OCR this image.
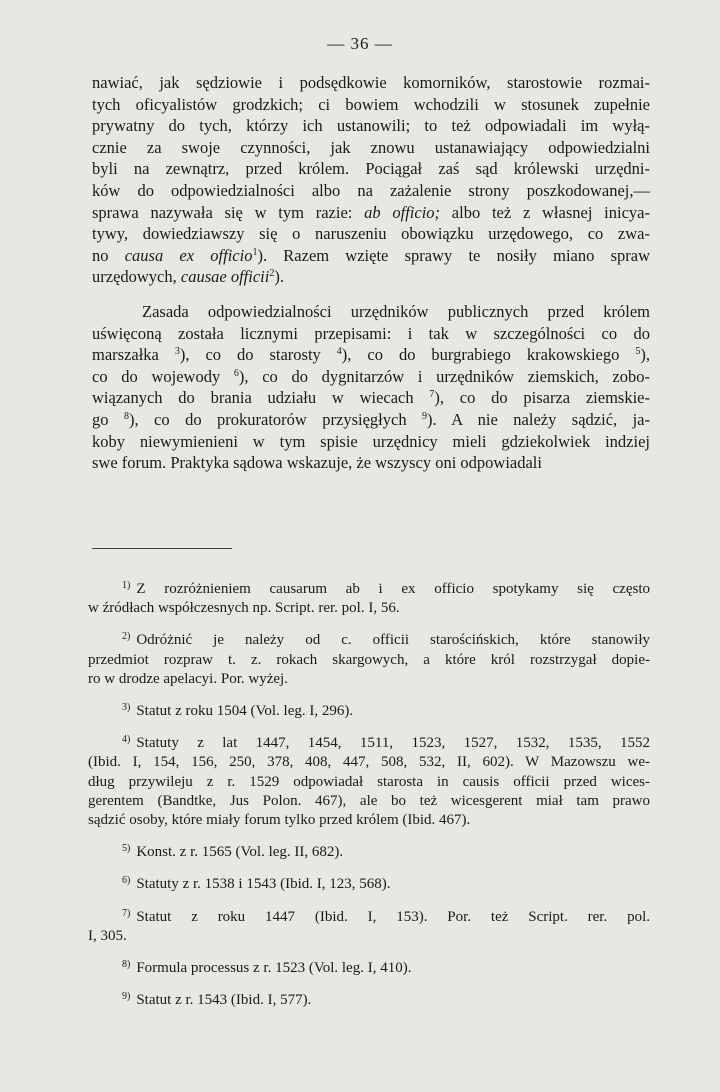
— 36 —
nawiać, jak sędziowie i podsędkowie komorników, starostowie rozmai-
tych oficyalistów grodzkich; ci bowiem wchodzili w stosunek zupełnie
prywatny do tych, którzy ich ustanowili; to też odpowiadali im wyłą-
cznie za swoje czynności, jak znowu ustanawiający odpowiedzialni
byli na zewnątrz, przed królem. Pociągał zaś sąd królewski urzędni-
ków do odpowiedzialności albo na zażalenie strony poszkodowanej,—
sprawa nazywała się w tym razie: ab officio; albo też z własnej inicya-
tywy, dowiedziawszy się o naruszeniu obowiązku urzędowego, co zwa-
no causa ex officio$^1$). Razem wzięte sprawy te nosiły miano spraw
urzędowych, causae officii$^2$).
Zasada odpowiedzialności urzędników publicznych przed królem
uświęconą została licznymi przepisami: i tak w szczególności co do
marszałka $^3$), co do starosty $^4$), co do burgrabiego krakowskiego $^5$),
co do wojewody $^6$), co do dygnitarzów i urzędników ziemskich, zobo-
wiązanych do brania udziału w wiecach $^7$), co do pisarza ziemskie-
go $^8$), co do prokuratorów przysięgłych $^9$). A nie należy sądzić, ja-
koby niewymienieni w tym spisie urzędnicy mieli gdziekolwiek indziej
swe forum. Praktyka sądowa wskazuje, że wszyscy oni odpowiadali
$^{1)}$ Z rozróżnieniem causarum ab i ex officio spotykamy się często
w źródłach współczesnych np. Script. rer. pol. I, 56.
$^{2)}$ Odróżnić je należy od c. officii starościńskich, które stanowiły
przedmiot rozpraw t. z. rokach skargowych, a które król rozstrzygał dopie-
ro w drodze apelacyi. Por. wyżej.
$^{3)}$ Statut z roku 1504 (Vol. leg. I, 296).
$^{4)}$ Statuty z lat 1447, 1454, 1511, 1523, 1527, 1532, 1535, 1552
(Ibid. I, 154, 156, 250, 378, 408, 447, 508, 532, II, 602). W Mazowszu we-
dług przywileju z r. 1529 odpowiadał starosta in causis officii przed wices-
gerentem (Bandtke, Jus Polon. 467), ale bo też wicesgerent miał tam prawo
sądzić osoby, które miały forum tylko przed królem (Ibid. 467).
$^{5)}$ Konst. z r. 1565 (Vol. leg. II, 682).
$^{6)}$ Statuty z r. 1538 i 1543 (Ibid. I, 123, 568).
$^{7)}$ Statut z roku 1447 (Ibid. I, 153). Por. też Script. rer. pol.
I, 305.
$^{8)}$ Formula processus z r. 1523 (Vol. leg. I, 410).
$^{9)}$ Statut z r. 1543 (Ibid. I, 577).
